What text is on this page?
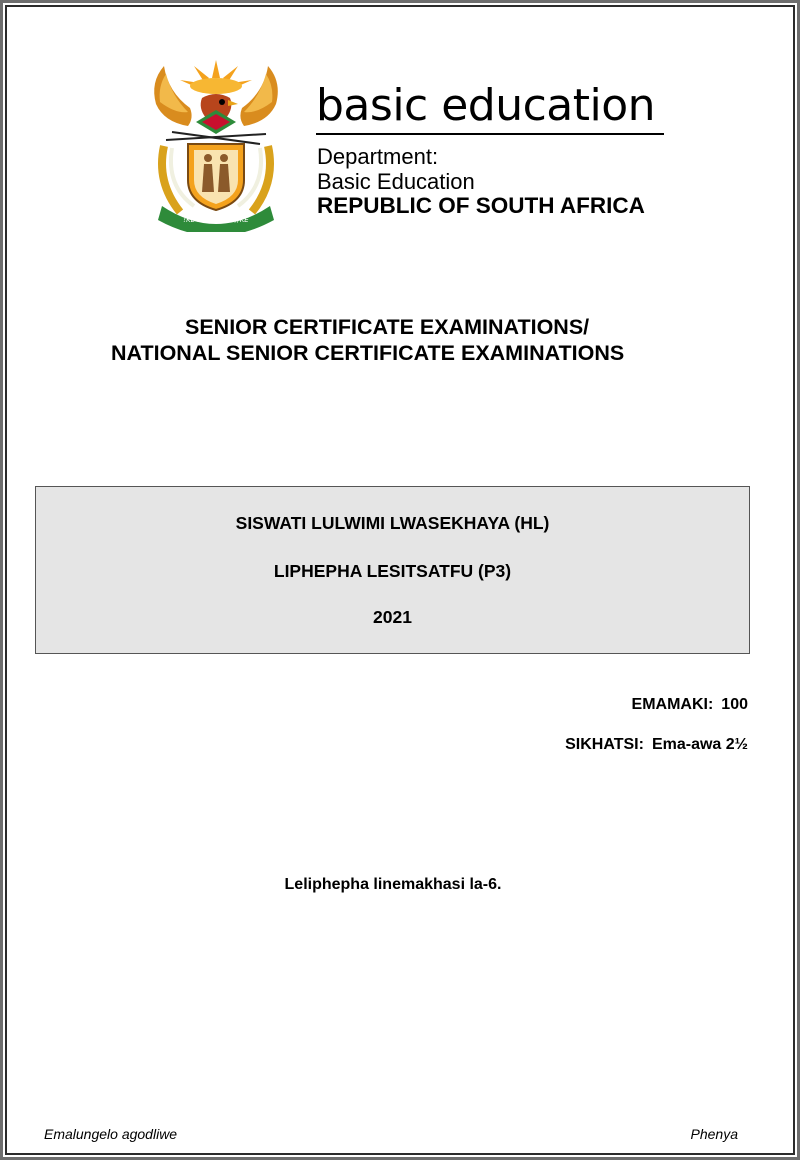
!KE E: /XARRA //KE
basic education
Department:
Basic Education
REPUBLIC OF SOUTH AFRICA
SENIOR CERTIFICATE EXAMINATIONS/
NATIONAL SENIOR CERTIFICATE EXAMINATIONS
SISWATI LULWIMI LWASEKHAYA (HL)
LIPHEPHA LESITSATFU (P3)
2021
EMAMAKI: 100
SIKHATSI: Ema-awa 2½
Leliphepha linemakhasi la-6.
Emalungelo agodliwe	Phenya
